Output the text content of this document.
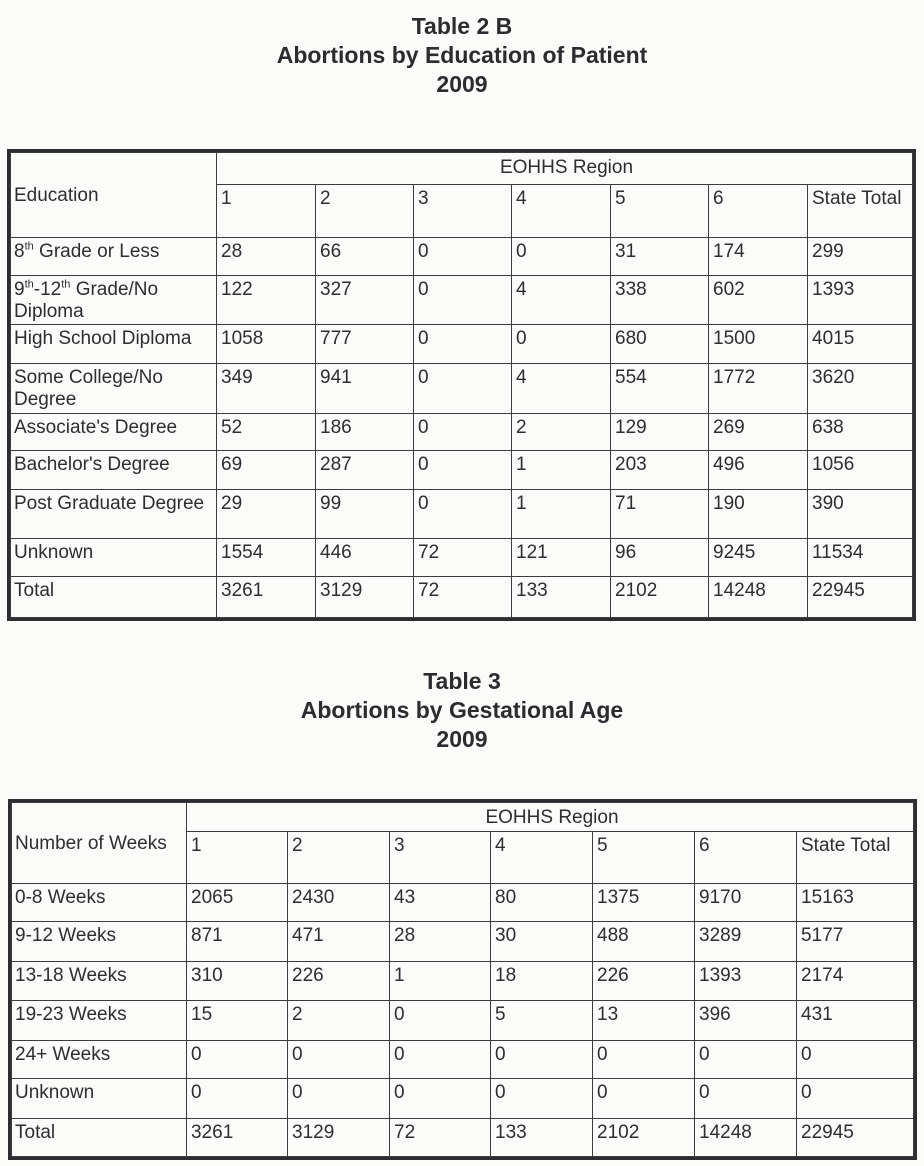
Table 2 B
Abortions by Education of Patient
2009
Education	EOHHS Region						
	1	2	3	4	5	6	State Total
8th Grade or Less	28	66	0	0	31	174	299
9th-12th Grade/No Diploma	122	327	0	4	338	602	1393
High School Diploma	1058	777	0	0	680	1500	4015
Some College/No Degree	349	941	0	4	554	1772	3620
Associate's Degree	52	186	0	2	129	269	638
Bachelor's Degree	69	287	0	1	203	496	1056
Post Graduate Degree	29	99	0	1	71	190	390
Unknown	1554	446	72	121	96	9245	11534
Total	3261	3129	72	133	2102	14248	22945
Table 3
Abortions by Gestational Age
2009
Number of Weeks	EOHHS Region						
	1	2	3	4	5	6	State Total
0-8 Weeks	2065	2430	43	80	1375	9170	15163
9-12 Weeks	871	471	28	30	488	3289	5177
13-18 Weeks	310	226	1	18	226	1393	2174
19-23 Weeks	15	2	0	5	13	396	431
24+ Weeks	0	0	0	0	0	0	0
Unknown	0	0	0	0	0	0	0
Total	3261	3129	72	133	2102	14248	22945
